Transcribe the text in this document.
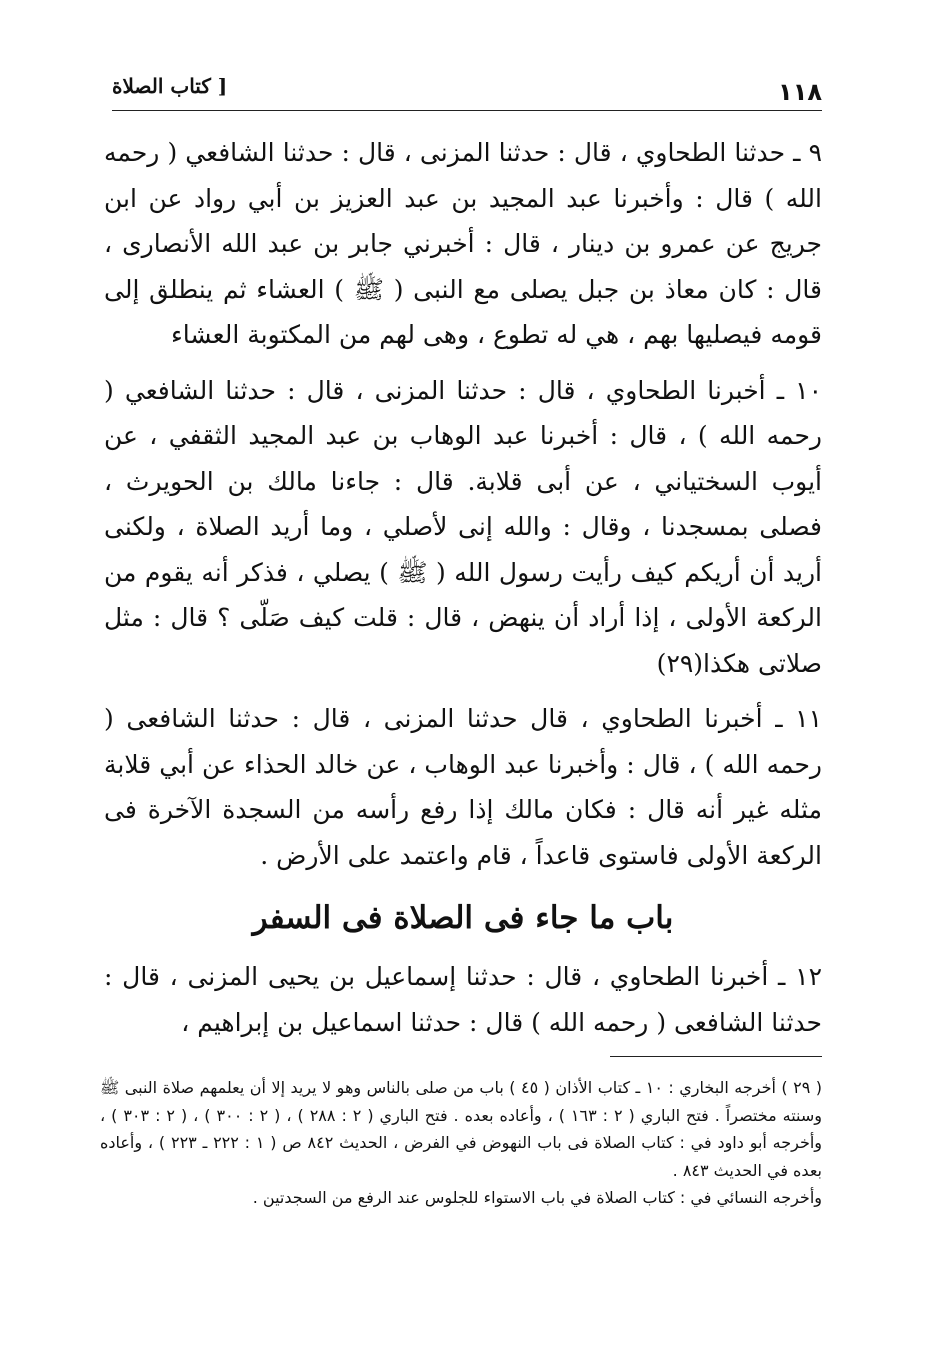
١١٨
[ كتاب الصلاة

٩ ـ حدثنا الطحاوي ، قال : حدثنا المزنى ، قال : حدثنا الشافعي ( رحمه الله ) قال : وأخبرنا عبد المجيد بن عبد العزيز بن أبي رواد عن ابن جريج عن عمرو بن دينار ، قال : أخبرني جابر بن عبد الله الأنصارى ، قال : كان معاذ بن جبل يصلى مع النبى ( ﷺ ) العشاء ثم ينطلق إلى قومه فيصليها بهم ، هي له تطوع ، وهى لهم من المكتوبة العشاء

١٠ ـ أخبرنا الطحاوي ، قال : حدثنا المزنى ، قال : حدثنا الشافعي ( رحمه الله ) ، قال : أخبرنا عبد الوهاب بن عبد المجيد الثقفي ، عن أيوب السختياني ، عن أبى قلابة. قال : جاءنا مالك بن الحويرث ، فصلى بمسجدنا ، وقال : والله إنى لأصلي ، وما أريد الصلاة ، ولكنى أريد أن أريكم كيف رأيت رسول الله ( ﷺ ) يصلي ، فذكر أنه يقوم من الركعة الأولى ، إذا أراد أن ينهض ، قال : قلت كيف صَلّى ؟ قال : مثل صلاتى هكذا(٢٩)

١١ ـ أخبرنا الطحاوي ، قال حدثنا المزنى ، قال : حدثنا الشافعى ( رحمه الله ) ، قال : وأخبرنا عبد الوهاب ، عن خالد الحذاء عن أبي قلابة مثله غير أنه قال : فكان مالك إذا رفع رأسه من السجدة الآخرة فى الركعة الأولى فاستوى قاعداً ، قام واعتمد على الأرض .

باب ما جاء فى الصلاة فى السفر

١٢ ـ أخبرنا الطحاوي ، قال : حدثنا إسماعيل بن يحيى المزنى ، قال : حدثنا الشافعى ( رحمه الله ) قال : حدثنا اسماعيل بن إبراهيم ،

( ٢٩ ) أخرجه البخاري : ١٠ ـ كتاب الأذان ( ٤٥ ) باب من صلى بالناس وهو لا يريد إلا أن يعلمهم صلاة النبى ﷺ وسنته مختصراً . فتح الباري ( ٢ : ١٦٣ ) ، وأعاده بعده . فتح الباري ( ٢ : ٢٨٨ ) ، ( ٢ : ٣٠٠ ) ، ( ٢ : ٣٠٣ ) ، وأخرجه أبو داود في : كتاب الصلاة فى باب النهوض في الفرض ، الحديث ٨٤٢ ص ( ١ : ٢٢٢ ـ ٢٢٣ ) ، وأعاده بعده في الحديث ٨٤٣ .

وأخرجه النسائي في : كتاب الصلاة في باب الاستواء للجلوس عند الرفع من السجدتين .
